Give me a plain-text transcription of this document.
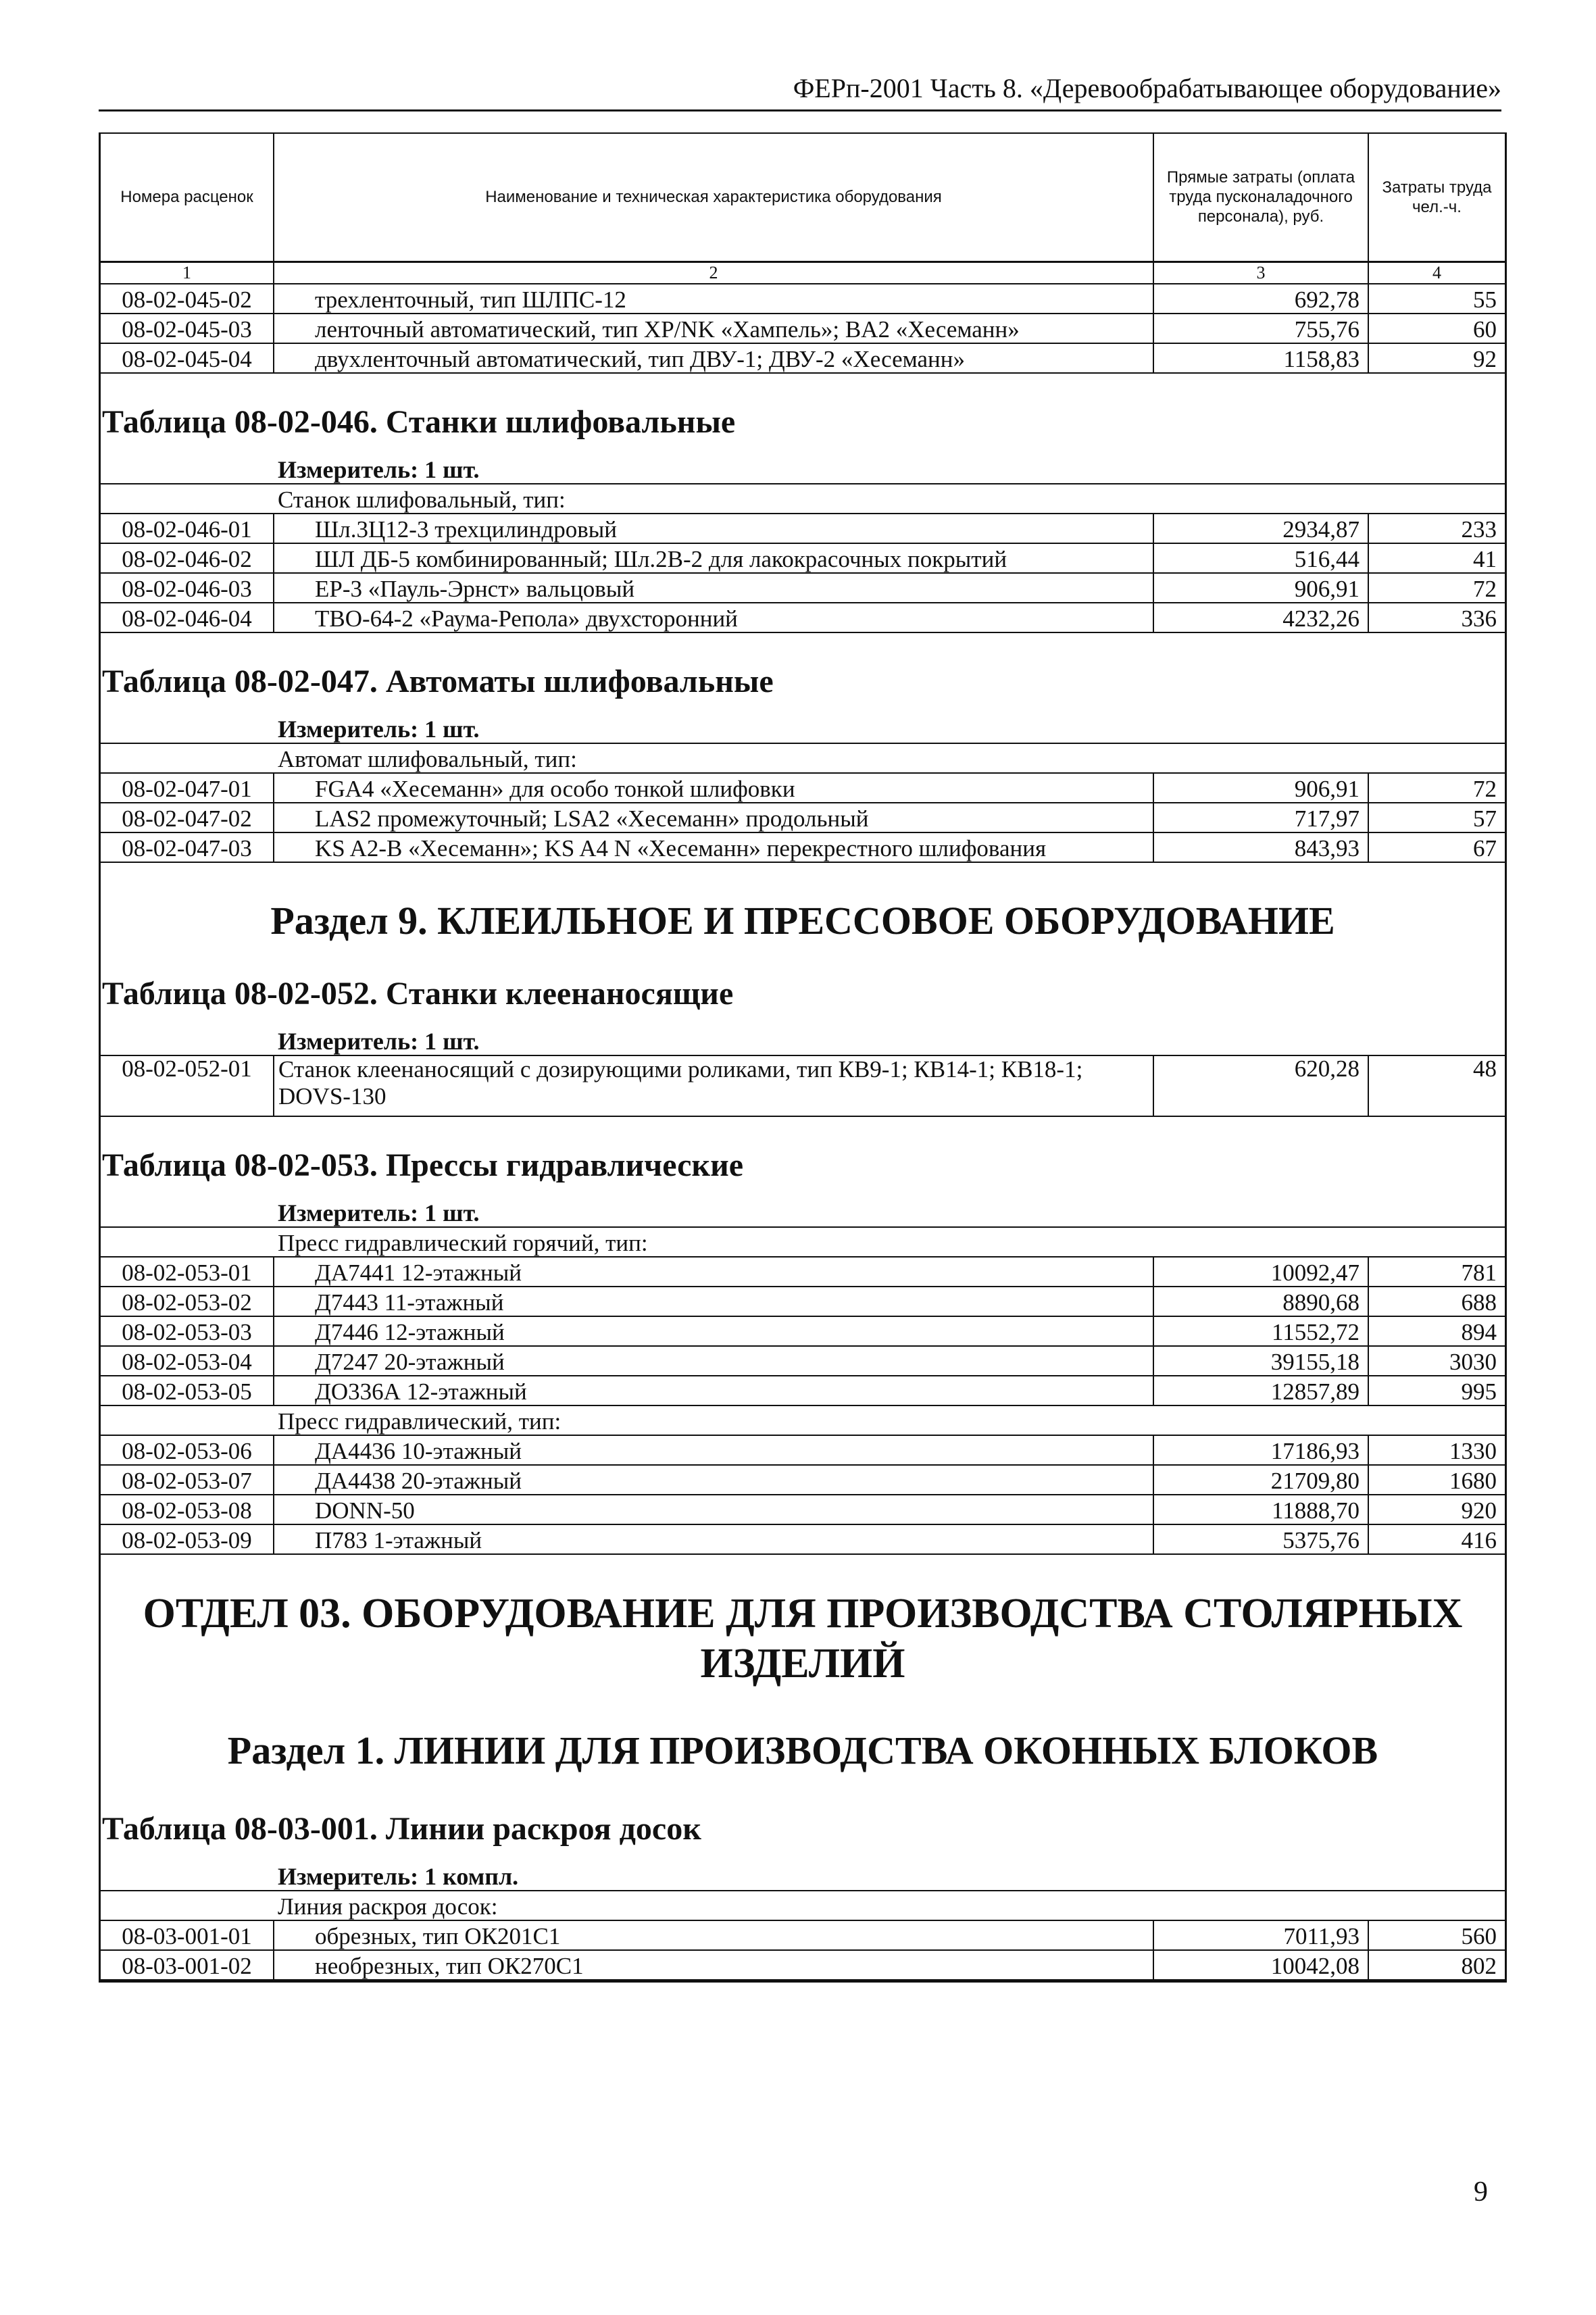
ФЕРп-2001 Часть 8. «Деревообрабатывающее оборудование»
Номера расценок	Наименование и техническая характеристика оборудования	Прямые затраты (оплата труда пусконаладочного персонала), руб.	Затраты труда чел.-ч.
1	2	3	4
08-02-045-02	трехленточный, тип ШЛПС-12	692,78	55
08-02-045-03	ленточный автоматический, тип XP/NK «Хампель»; BA2 «Хесеманн»	755,76	60
08-02-045-04	двухленточный автоматический, тип ДВУ-1; ДВУ-2 «Хесеманн»	1158,83	92
Таблица 08-02-046. Станки шлифовальные
Измеритель: 1 шт.
Станок шлифовальный, тип:			
08-02-046-01	Шл.3Ц12-3 трехцилиндровый	2934,87	233
08-02-046-02	ШЛ ДБ-5 комбинированный; Шл.2В-2 для лакокрасочных покрытий	516,44	41
08-02-046-03	ЕР-3 «Пауль-Эрнст» вальцовый	906,91	72
08-02-046-04	ТВО-64-2 «Раума-Репола» двухсторонний	4232,26	336
Таблица 08-02-047. Автоматы шлифовальные
Измеритель: 1 шт.
Автомат шлифовальный, тип:			
08-02-047-01	FGA4 «Хесеманн» для особо тонкой шлифовки	906,91	72
08-02-047-02	LAS2 промежуточный; LSA2 «Хесеманн» продольный	717,97	57
08-02-047-03	KS A2-B «Хесеманн»; KS A4 N «Хесеманн» перекрестного шлифования	843,93	67
Раздел 9. КЛЕИЛЬНОЕ И ПРЕССОВОЕ ОБОРУДОВАНИЕ
Таблица 08-02-052. Станки клеенаносящие
Измеритель: 1 шт.
08-02-052-01	Станок клеенаносящий с дозирующими роликами, тип КВ9-1; КВ14-1; КВ18-1; DOVS-130	620,28	48
Таблица 08-02-053. Прессы гидравлические
Измеритель: 1 шт.
Пресс гидравлический горячий, тип:			
08-02-053-01	ДА7441 12-этажный	10092,47	781
08-02-053-02	Д7443 11-этажный	8890,68	688
08-02-053-03	Д7446 12-этажный	11552,72	894
08-02-053-04	Д7247 20-этажный	39155,18	3030
08-02-053-05	ДО336А 12-этажный	12857,89	995
Пресс гидравлический, тип:			
08-02-053-06	ДА4436 10-этажный	17186,93	1330
08-02-053-07	ДА4438 20-этажный	21709,80	1680
08-02-053-08	DONN-50	11888,70	920
08-02-053-09	П783 1-этажный	5375,76	416
ОТДЕЛ 03. ОБОРУДОВАНИЕ ДЛЯ ПРОИЗВОДСТВА СТОЛЯРНЫХ
ИЗДЕЛИЙ
Раздел 1. ЛИНИИ ДЛЯ ПРОИЗВОДСТВА ОКОННЫХ БЛОКОВ
Таблица 08-03-001. Линии раскроя досок
Измеритель: 1 компл.
Линия раскроя досок:			
08-03-001-01	обрезных, тип ОК201С1	7011,93	560
08-03-001-02	необрезных, тип ОК270С1	10042,08	802
9
